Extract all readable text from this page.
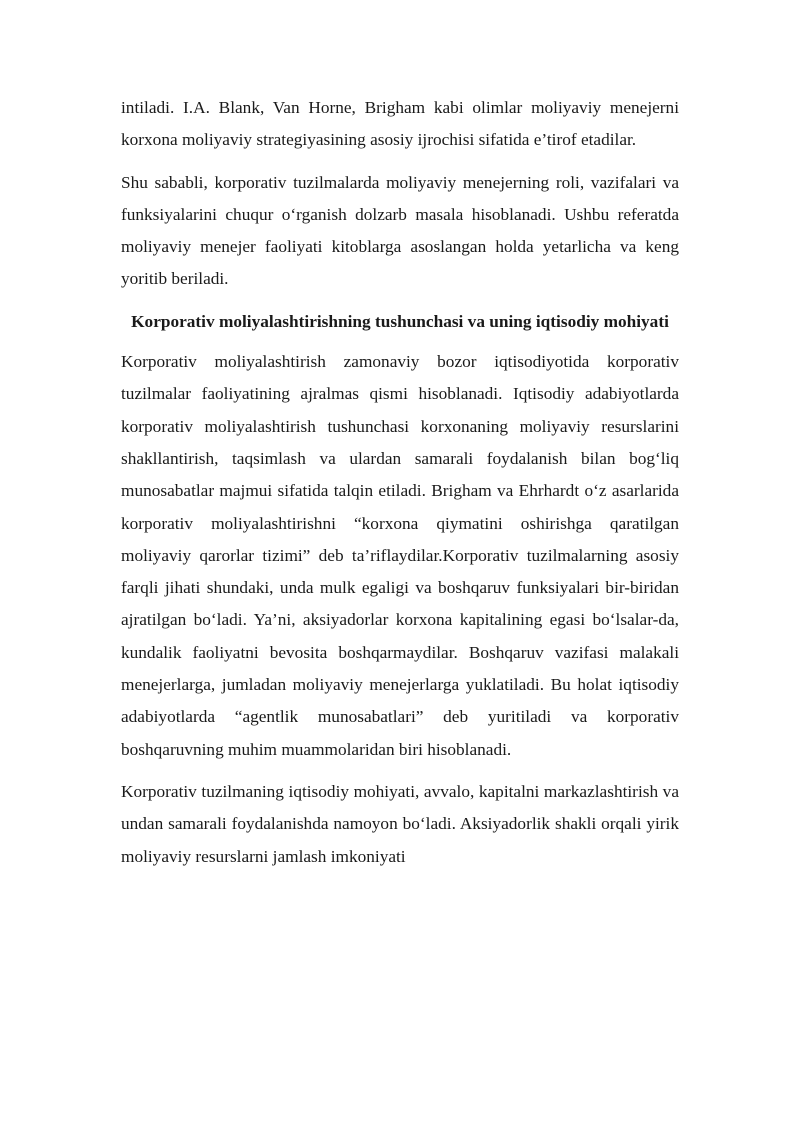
intiladi. I.A. Blank, Van Horne, Brigham kabi olimlar moliyaviy menejerni korxona moliyaviy strategiyasining asosiy ijrochisi sifatida e’tirof etadilar.

Shu sababli, korporativ tuzilmalarda moliyaviy menejerning roli, vazifalari va funksiyalarini chuqur o‘rganish dolzarb masala hisoblanadi. Ushbu referatda moliyaviy menejer faoliyati kitoblarga asoslangan holda yetarlicha va keng yoritib beriladi.

Korporativ moliyalashtirishning tushunchasi va uning iqtisodiy mohiyati

Korporativ moliyalashtirish zamonaviy bozor iqtisodiyotida korporativ tuzilmalar faoliyatining ajralmas qismi hisoblanadi. Iqtisodiy adabiyotlarda korporativ moliyalashtirish tushunchasi korxonaning moliyaviy resurslarini shakllantirish, taqsimlash va ulardan samarali foydalanish bilan bog‘liq munosabatlar majmui sifatida talqin etiladi. Brigham va Ehrhardt o‘z asarlarida korporativ moliyalashtirishni “korxona qiymatini oshirishga qaratilgan moliyaviy qarorlar tizimi” deb ta’riflaydilar.Korporativ tuzilmalarning asosiy farqli jihati shundaki, unda mulk egaligi va boshqaruv funksiyalari bir-biridan ajratilgan bo‘ladi. Ya’ni, aksiyadorlar korxona kapitalining egasi bo‘lsalar-da, kundalik faoliyatni bevosita boshqarmaydilar. Boshqaruv vazifasi malakali menejerlarga, jumladan moliyaviy menejerlarga yuklatiladi. Bu holat iqtisodiy adabiyotlarda “agentlik munosabatlari” deb yuritiladi va korporativ boshqaruvning muhim muammolaridan biri hisoblanadi.

Korporativ tuzilmaning iqtisodiy mohiyati, avvalo, kapitalni markazlashtirish va undan samarali foydalanishda namoyon bo‘ladi. Aksiyadorlik shakli orqali yirik moliyaviy resurslarni jamlash imkoniyati
